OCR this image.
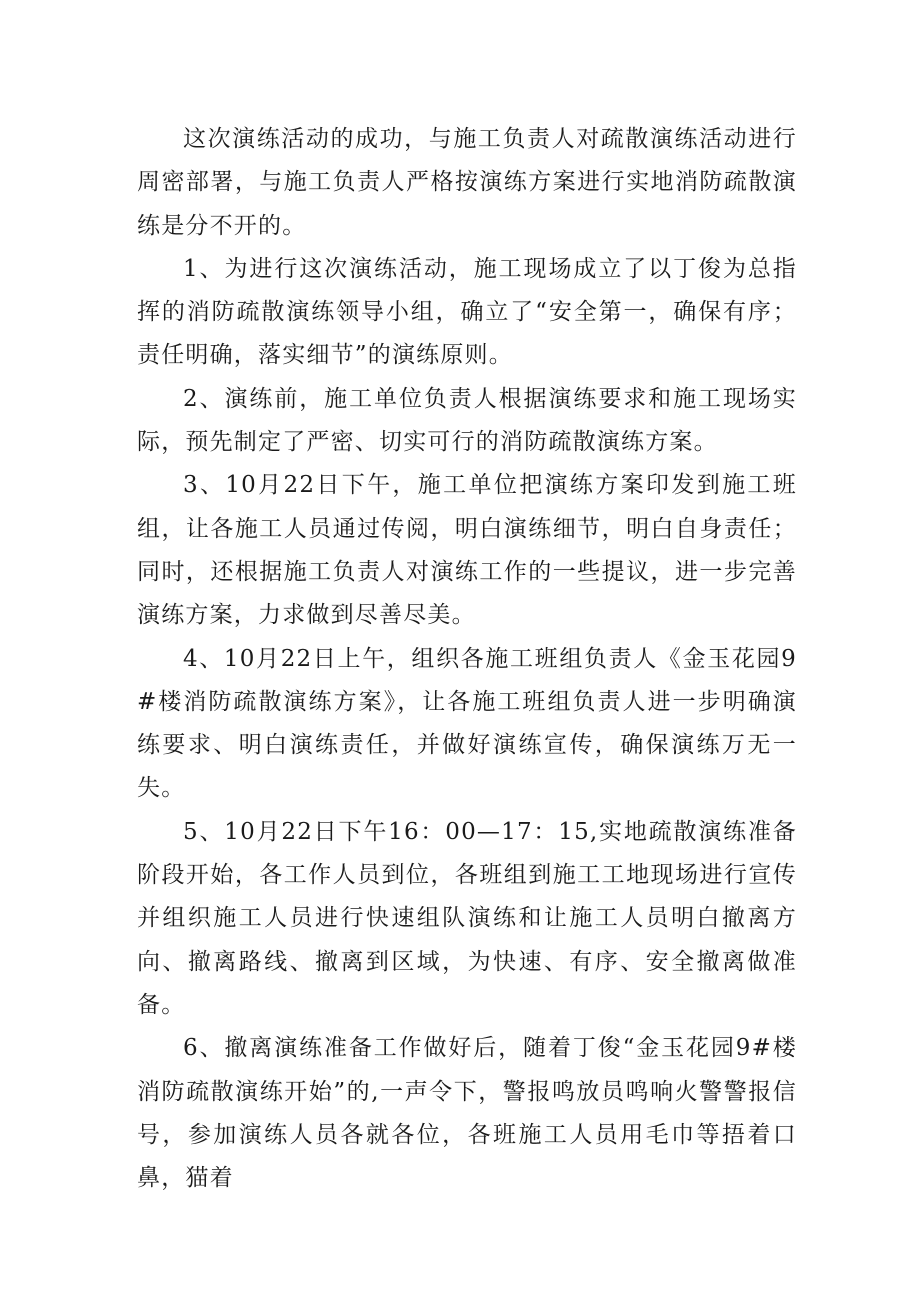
这次演练活动的成功，与施工负责人对疏散演练活动进行周密部署，与施工负责人严格按演练方案进行实地消防疏散演练是分不开的。

1、为进行这次演练活动，施工现场成立了以丁俊为总指挥的消防疏散演练领导小组，确立了“安全第一，确保有序；责任明确，落实细节”的演练原则。

2、演练前，施工单位负责人根据演练要求和施工现场实际，预先制定了严密、切实可行的消防疏散演练方案。

3、10月22日下午，施工单位把演练方案印发到施工班组，让各施工人员通过传阅，明白演练细节，明白自身责任；同时，还根据施工负责人对演练工作的一些提议，进一步完善演练方案，力求做到尽善尽美。

4、10月22日上午，组织各施工班组负责人《金玉花园9#楼消防疏散演练方案》，让各施工班组负责人进一步明确演练要求、明白演练责任，并做好演练宣传，确保演练万无一失。

5、10月22日下午16：00—17：15,实地疏散演练准备阶段开始，各工作人员到位，各班组到施工工地现场进行宣传并组织施工人员进行快速组队演练和让施工人员明白撤离方向、撤离路线、撤离到区域，为快速、有序、安全撤离做准备。

6、撤离演练准备工作做好后，随着丁俊“金玉花园9#楼消防疏散演练开始”的,一声令下，警报鸣放员鸣响火警警报信号，参加演练人员各就各位，各班施工人员用毛巾等捂着口鼻，猫着
